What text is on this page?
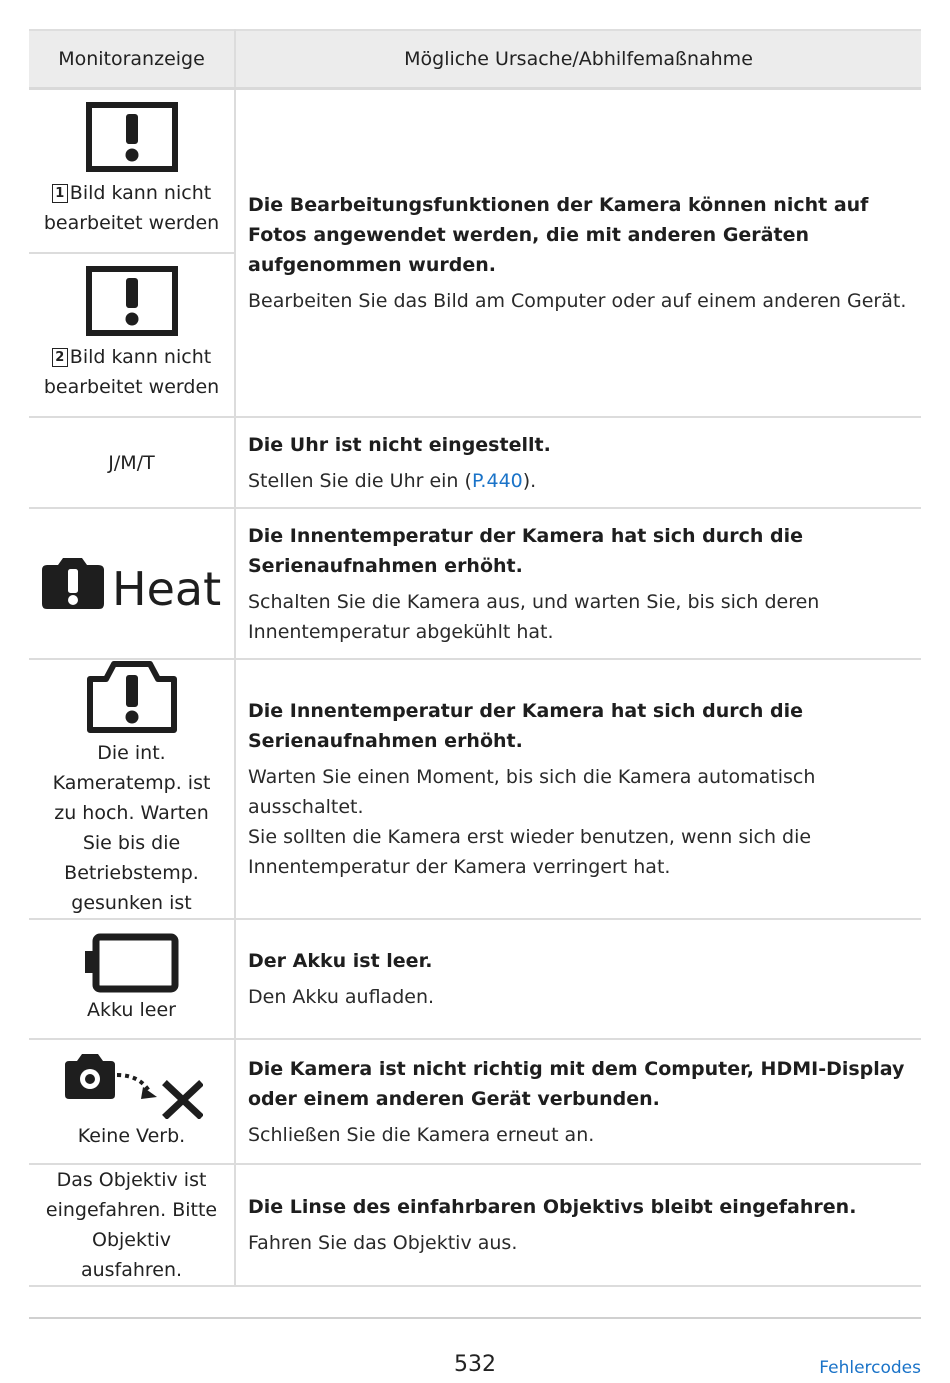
Monitoranzeige	Mögliche Ursache/Abhilfemaßnahme

1 Bild kann nicht bearbeitet werden	Die Bearbeitungsfunktionen der Kamera können nicht auf Fotos angewendet werden, die mit anderen Geräten aufgenommen wurden.
Bearbeiten Sie das Bild am Computer oder auf einem anderen Gerät.

2 Bild kann nicht bearbeitet werden	

J/M/T	Die Uhr ist nicht eingestellt.
Stellen Sie die Uhr ein (P.440).

Heat	Die Innentemperatur der Kamera hat sich durch die Serienaufnahmen erhöht.
Schalten Sie die Kamera aus, und warten Sie, bis sich deren Innentemperatur abgekühlt hat.

Die int. Kameratemp. ist zu hoch. Warten Sie bis die Betriebstemp. gesunken ist	Die Innentemperatur der Kamera hat sich durch die Serienaufnahmen erhöht.
Warten Sie einen Moment, bis sich die Kamera automatisch ausschaltet.
Sie sollten die Kamera erst wieder benutzen, wenn sich die Innentemperatur der Kamera verringert hat.

Akku leer	Der Akku ist leer.
Den Akku aufladen.

Keine Verb.	Die Kamera ist nicht richtig mit dem Computer, HDMI-Display oder einem anderen Gerät verbunden.
Schließen Sie die Kamera erneut an.

Das Objektiv ist eingefahren. Bitte Objektiv ausfahren.	Die Linse des einfahrbaren Objektivs bleibt eingefahren.
Fahren Sie das Objektiv aus.
532	Fehlercodes
